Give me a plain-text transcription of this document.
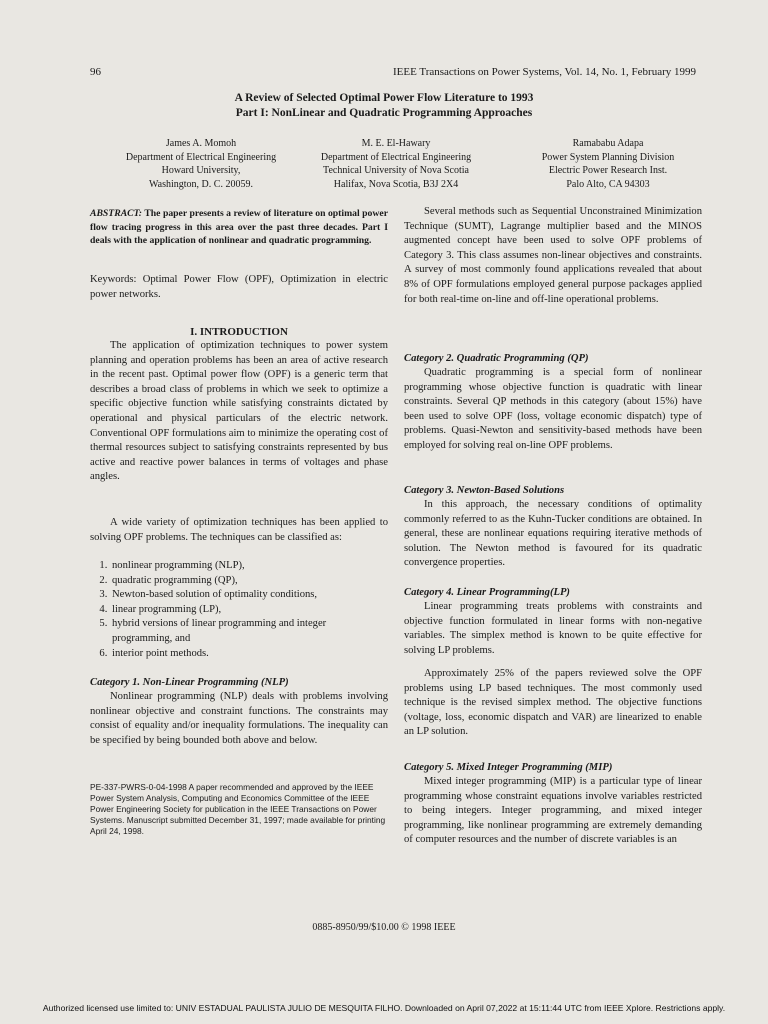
96	IEEE Transactions on Power Systems, Vol. 14, No. 1, February 1999
A Review of Selected Optimal Power Flow Literature to 1993
Part I: NonLinear and Quadratic Programming Approaches
James A. Momoh
Department of Electrical Engineering
Howard University,
Washington, D. C. 20059.
M. E. El-Hawary
Department of Electrical Engineering
Technical University of Nova Scotia
Halifax, Nova Scotia, B3J 2X4
Ramababu Adapa
Power System Planning Division
Electric Power Research Inst.
Palo Alto, CA 94303

ABSTRACT: The paper presents a review of literature on optimal power flow tracing progress in this area over the past three decades. Part I deals with the application of nonlinear and quadratic programming.

Keywords: Optimal Power Flow (OPF), Optimization in electric power networks.
I. INTRODUCTION

The application of optimization techniques to power system planning and operation problems has been an area of active research in the recent past. Optimal power flow (OPF) is a generic term that describes a broad class of problems in which we seek to optimize a specific objective function while satisfying constraints dictated by operational and physical particulars of the electric network. Conventional OPF formulations aim to minimize the operating cost of thermal resources subject to satisfying constraints represented by bus active and reactive power balances in terms of voltages and phase angles.

A wide variety of optimization techniques has been applied to solving OPF problems. The techniques can be classified as:

1. nonlinear programming (NLP),
2. quadratic programming (QP),
3. Newton-based solution of optimality conditions,
4. linear programming (LP),
5. hybrid versions of linear programming and integer programming, and
6. interior point methods.
Category 1. Non-Linear Programming (NLP)

Nonlinear programming (NLP) deals with problems involving nonlinear objective and constraint functions. The constraints may consist of equality and/or inequality formulations. The inequality can be specified by being bounded both above and below.

PE-337-PWRS-0-04-1998 A paper recommended and approved by the IEEE Power System Analysis, Computing and Economics Committee of the IEEE Power Engineering Society for publication in the IEEE Transactions on Power Systems. Manuscript submitted December 31, 1997; made available for printing April 24, 1998.

Several methods such as Sequential Unconstrained Minimization Technique (SUMT), Lagrange multiplier based and the MINOS augmented concept have been used to solve OPF problems of Category 3. This class assumes non-linear objectives and constraints. A survey of most commonly found applications revealed that about 8% of OPF formulations employed general purpose packages applied for both real-time on-line and off-line operational problems.

Category 2. Quadratic Programming (QP)

Quadratic programming is a special form of nonlinear programming whose objective function is quadratic with linear constraints. Several QP methods in this category (about 15%) have been used to solve OPF (loss, voltage economic dispatch) type of problems. Quasi-Newton and sensitivity-based methods have been employed for solving real on-line OPF problems.

Category 3. Newton-Based Solutions

In this approach, the necessary conditions of optimality commonly referred to as the Kuhn-Tucker conditions are obtained. In general, these are nonlinear equations requiring iterative methods of solution. The Newton method is favoured for its quadratic convergence properties.

Category 4. Linear Programming(LP)

Linear programming treats problems with constraints and objective function formulated in linear forms with non-negative variables. The simplex method is known to be quite effective for solving LP problems.

Approximately 25% of the papers reviewed solve the OPF problems using LP based techniques. The most commonly used technique is the revised simplex method. The objective functions (voltage, loss, economic dispatch and VAR) are linearized to enable an LP solution.

Category 5. Mixed Integer Programming (MIP)

Mixed integer programming (MIP) is a particular type of linear programming whose constraint equations involve variables restricted to being integers. Integer programming, and mixed integer programming, like nonlinear programming are extremely demanding of computer resources and the number of discrete variables is an

0885-8950/99/$10.00 © 1998 IEEE
Authorized licensed use limited to: UNIV ESTADUAL PAULISTA JULIO DE MESQUITA FILHO. Downloaded on April 07,2022 at 15:11:44 UTC from IEEE Xplore. Restrictions apply.
